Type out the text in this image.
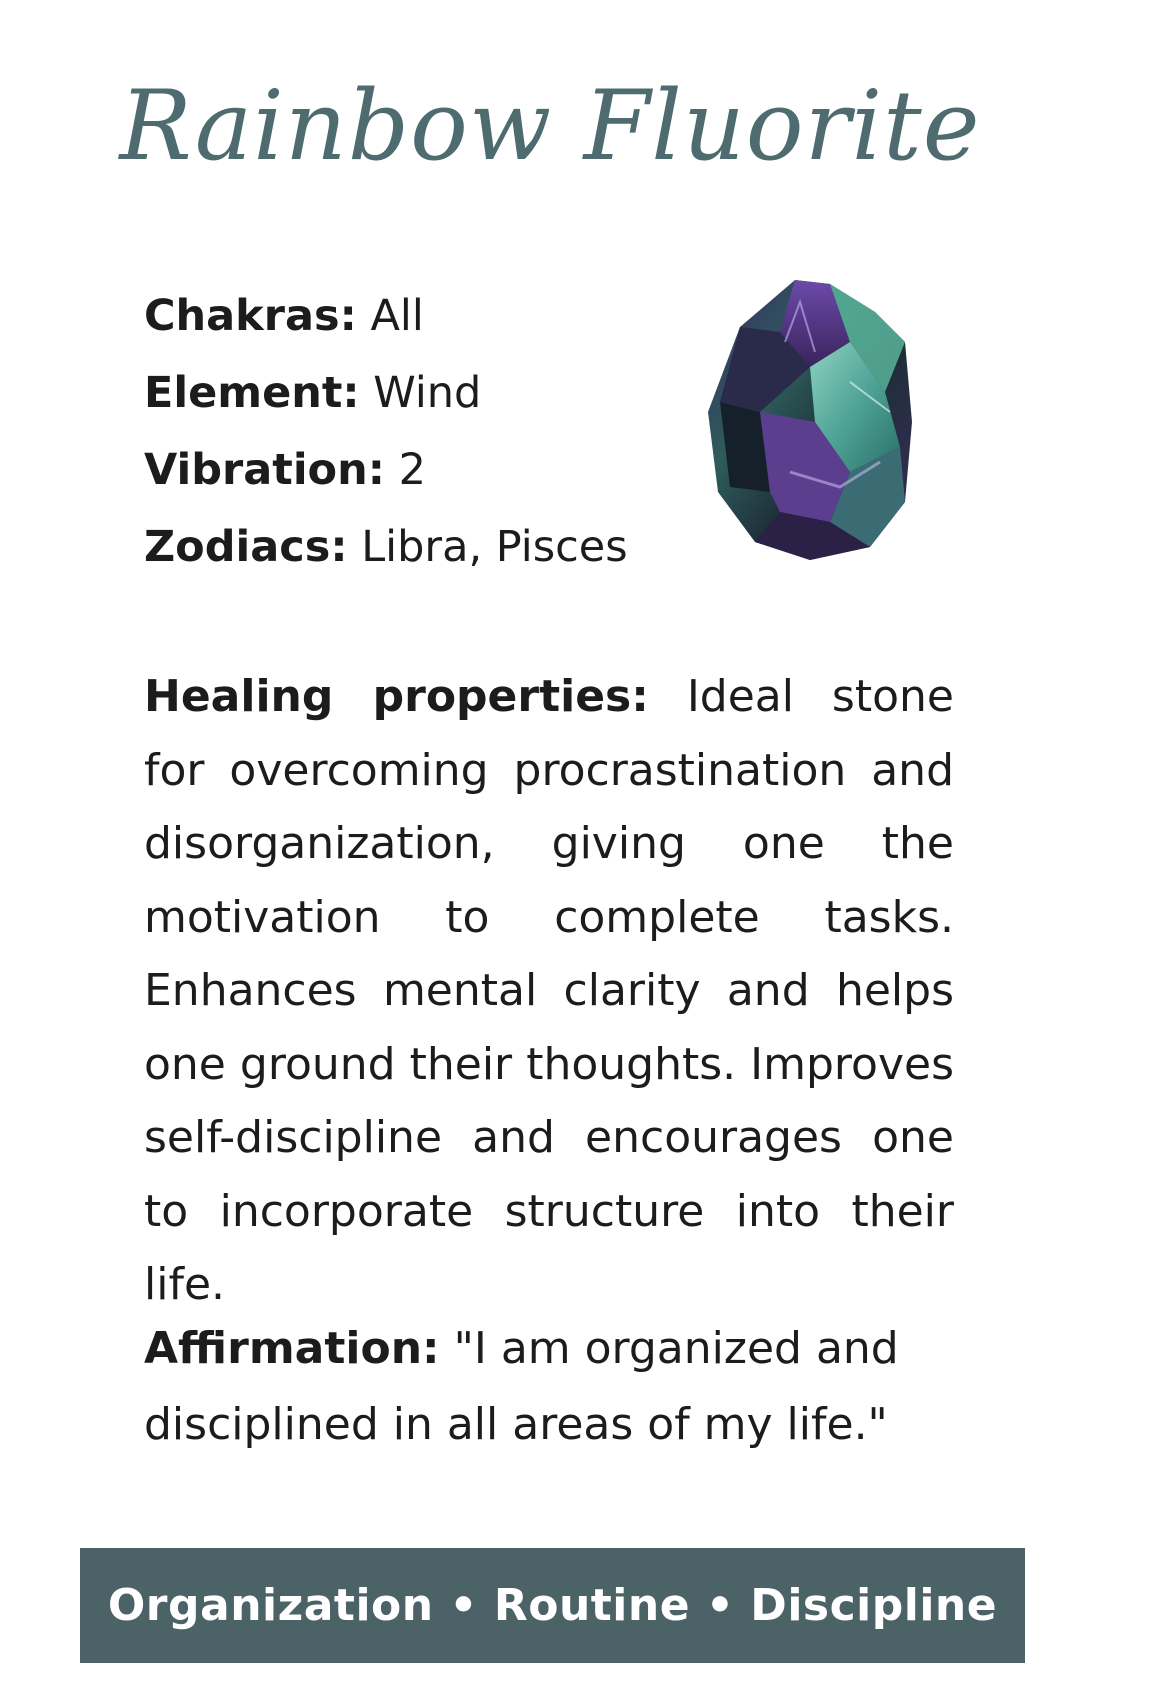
Rainbow Fluorite
Chakras: All
Element: Wind
Vibration: 2
Zodiacs: Libra, Pisces
Healing properties: Ideal stone for overcoming procrastination and disorganization, giving one the motivation to complete tasks. Enhances mental clarity and helps one ground their thoughts. Improves self-discipline and encourages one to incorporate structure into their life.
Affirmation: "I am organized and disciplined in all areas of my life."
Organization • Routine • Discipline
